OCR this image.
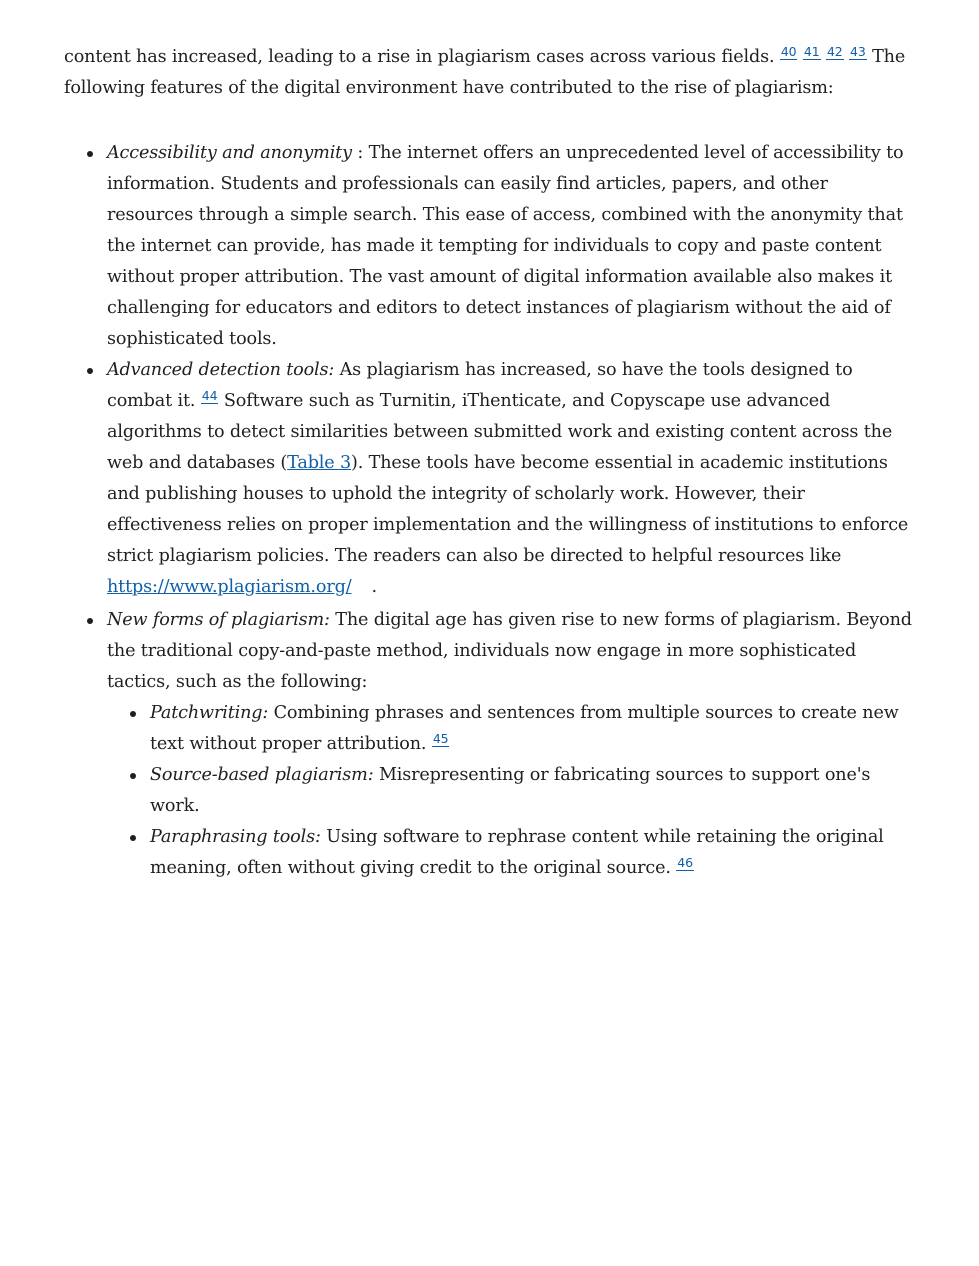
content has increased, leading to a rise in plagiarism cases across various fields. $^{40}$ $^{41}$ $^{42}$ $^{43}$ The following features of the digital environment have contributed to the rise of plagiarism:

Accessibility and anonymity : The internet offers an unprecedented level of accessibility to information. Students and professionals can easily find articles, papers, and other resources through a simple search. This ease of access, combined with the anonymity that the internet can provide, has made it tempting for individuals to copy and paste content without proper attribution. The vast amount of digital information available also makes it challenging for educators and editors to detect instances of plagiarism without the aid of sophisticated tools.
Advanced detection tools: As plagiarism has increased, so have the tools designed to combat it. $^{44}$ Software such as Turnitin, iThenticate, and Copyscape use advanced algorithms to detect similarities between submitted work and existing content across the web and databases (Table 3). These tools have become essential in academic institutions and publishing houses to uphold the integrity of scholarly work. However, their effectiveness relies on proper implementation and the willingness of institutions to enforce strict plagiarism policies. The readers can also be directed to helpful resources like https://www.plagiarism.org/ .
New forms of plagiarism: The digital age has given rise to new forms of plagiarism. Beyond the traditional copy-and-paste method, individuals now engage in more sophisticated tactics, such as the following:
Patchwriting: Combining phrases and sentences from multiple sources to create new text without proper attribution. $^{45}$
Source-based plagiarism: Misrepresenting or fabricating sources to support one's work.
Paraphrasing tools: Using software to rephrase content while retaining the original meaning, often without giving credit to the original source. $^{46}$
